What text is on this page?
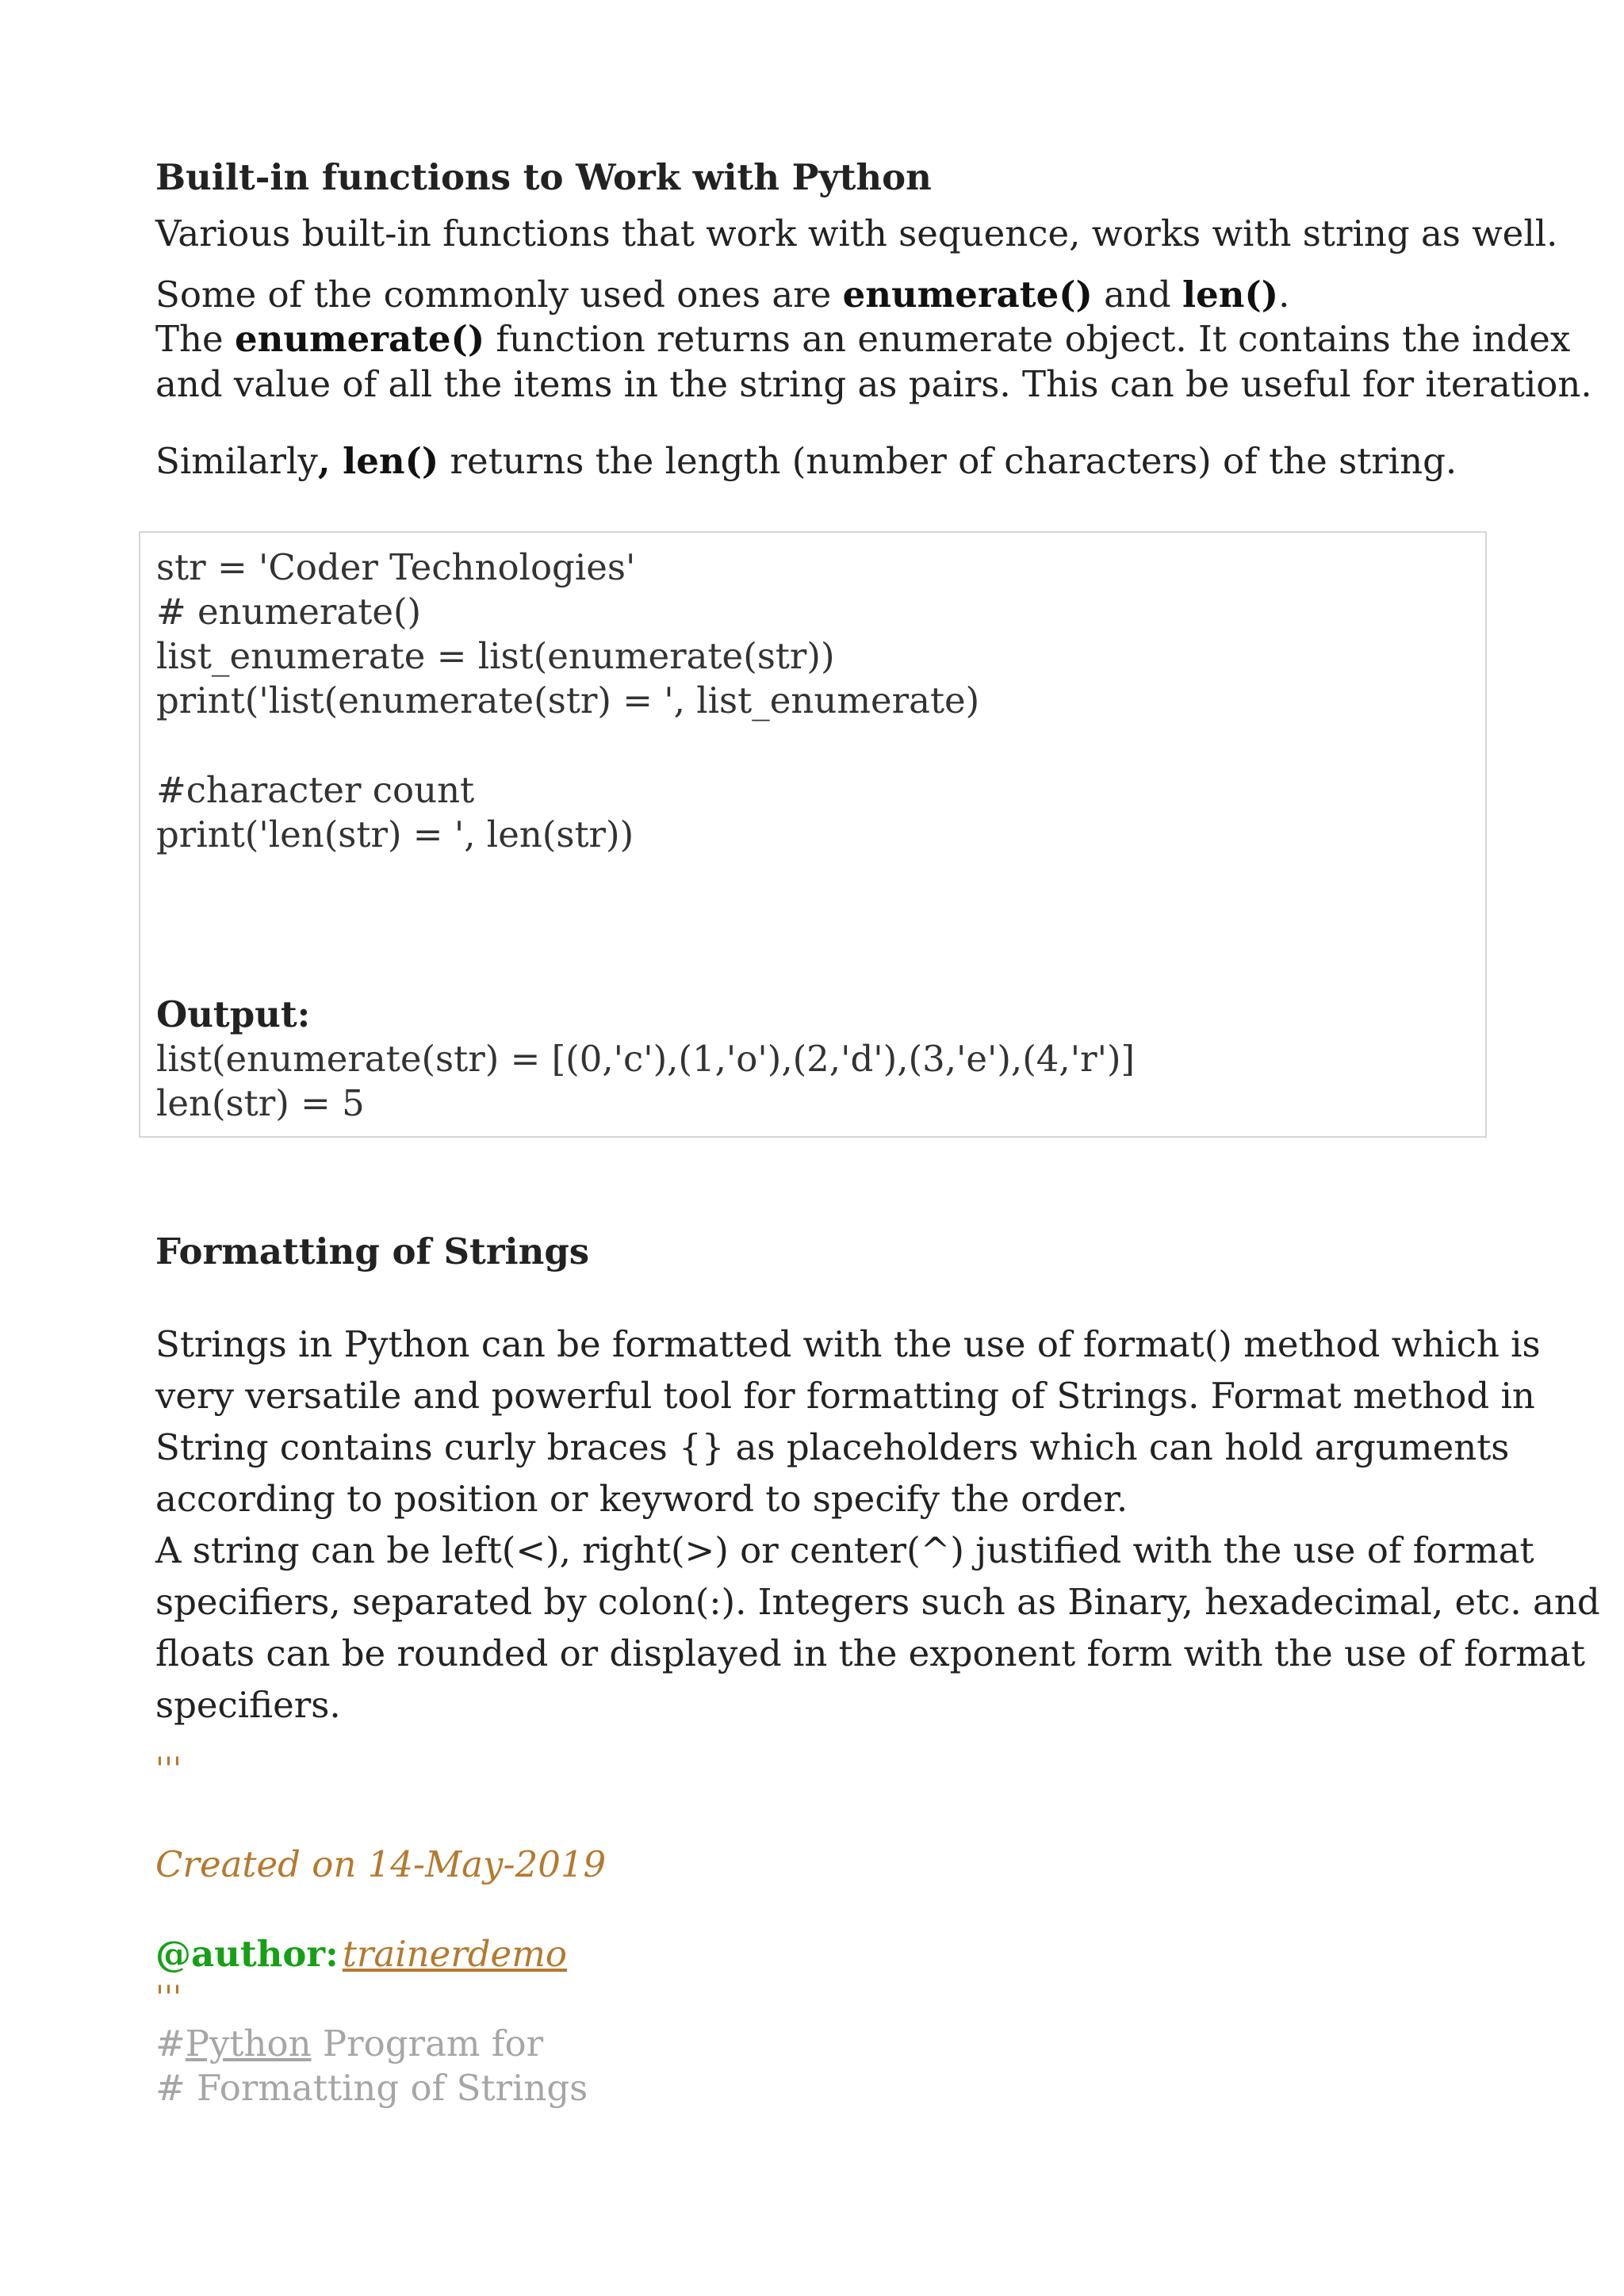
Built-in functions to Work with Python
Various built-in functions that work with sequence, works with string as well.
Some of the commonly used ones are enumerate() and len().
The enumerate() function returns an enumerate object. It contains the index
and value of all the items in the string as pairs. This can be useful for iteration.
Similarly, len() returns the length (number of characters) of the string.
str = 'Coder Technologies'
# enumerate()
list_enumerate = list(enumerate(str))
print('list(enumerate(str) = ', list_enumerate)
#character count
print('len(str) = ', len(str))
Output:
list(enumerate(str) = [(0,'c'),(1,'o'),(2,'d'),(3,'e'),(4,'r')]
len(str) = 5
Formatting of Strings
Strings in Python can be formatted with the use of format() method which is
very versatile and powerful tool for formatting of Strings. Format method in
String contains curly braces {} as placeholders which can hold arguments
according to position or keyword to specify the order.
A string can be left(<), right(>) or center(^) justified with the use of format
specifiers, separated by colon(:). Integers such as Binary, hexadecimal, etc. and
floats can be rounded or displayed in the exponent form with the use of format
specifiers.
'''
Created on 14-May-2019
@author: trainerdemo
'''
#Python Program for
# Formatting of Strings
